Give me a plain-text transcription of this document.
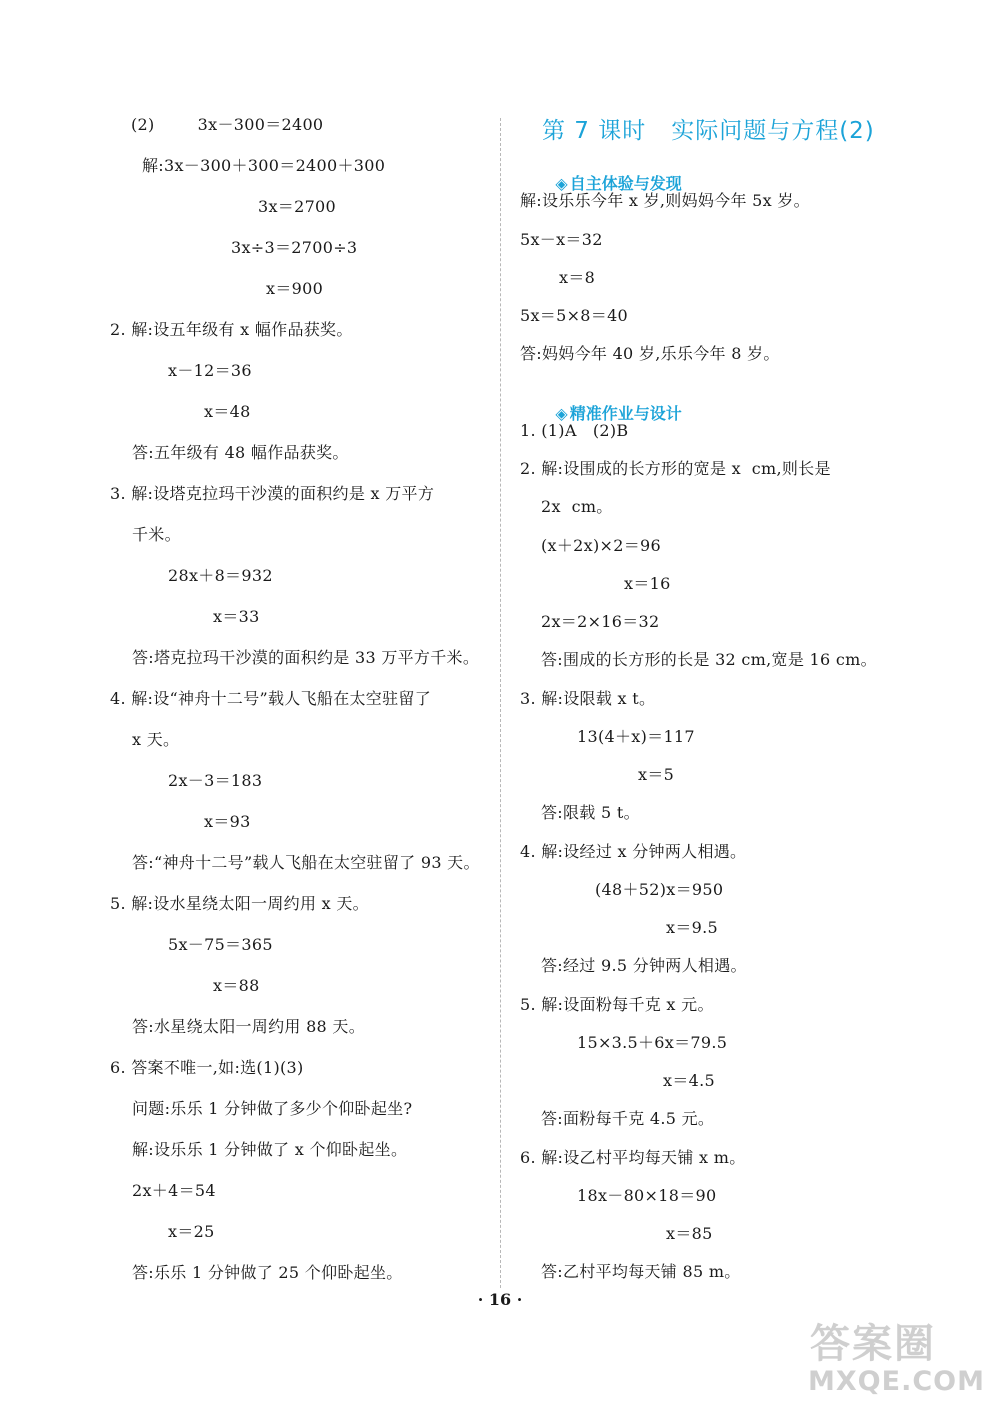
(2)        3x－300＝2400
解:3x－300＋300＝2400＋300
3x＝2700
3x÷3＝2700÷3
x＝900
2. 解:设五年级有 x 幅作品获奖。
x－12＝36
x＝48
答:五年级有 48 幅作品获奖。
3. 解:设塔克拉玛干沙漠的面积约是 x 万平方
千米。
28x＋8＝932
x＝33
答:塔克拉玛干沙漠的面积约是 33 万平方千米。
4. 解:设“神舟十二号”载人飞船在太空驻留了
x 天。
2x－3＝183
x＝93
答:“神舟十二号”载人飞船在太空驻留了 93 天。
5. 解:设水星绕太阳一周约用 x 天。
5x－75＝365
x＝88
答:水星绕太阳一周约用 88 天。
6. 答案不唯一,如:选(1)(3)
问题:乐乐 1 分钟做了多少个仰卧起坐?
解:设乐乐 1 分钟做了 x 个仰卧起坐。
2x＋4＝54
x＝25
答:乐乐 1 分钟做了 25 个仰卧起坐。
第 7 课时   实际问题与方程(2)

◈ 自主体验与发现

解:设乐乐今年 x 岁,则妈妈今年 5x 岁。
5x－x＝32
x＝8
5x＝5×8＝40
答:妈妈今年 40 岁,乐乐今年 8 岁。

◈ 精准作业与设计

1. (1)A   (2)B
2. 解:设围成的长方形的宽是 x  cm,则长是
2x  cm。
(x＋2x)×2＝96
x＝16
2x＝2×16＝32
答:围成的长方形的长是 32 cm,宽是 16 cm。
3. 解:设限载 x t。
13(4＋x)＝117
x＝5
答:限载 5 t。
4. 解:设经过 x 分钟两人相遇。
(48＋52)x＝950
x＝9.5
答:经过 9.5 分钟两人相遇。
5. 解:设面粉每千克 x 元。
15×3.5＋6x＝79.5
x＝4.5
答:面粉每千克 4.5 元。
6. 解:设乙村平均每天铺 x m。
18x－80×18＝90
x＝85
答:乙村平均每天铺 85 m。
· 16 ·
答案圈
MXQE.COM
